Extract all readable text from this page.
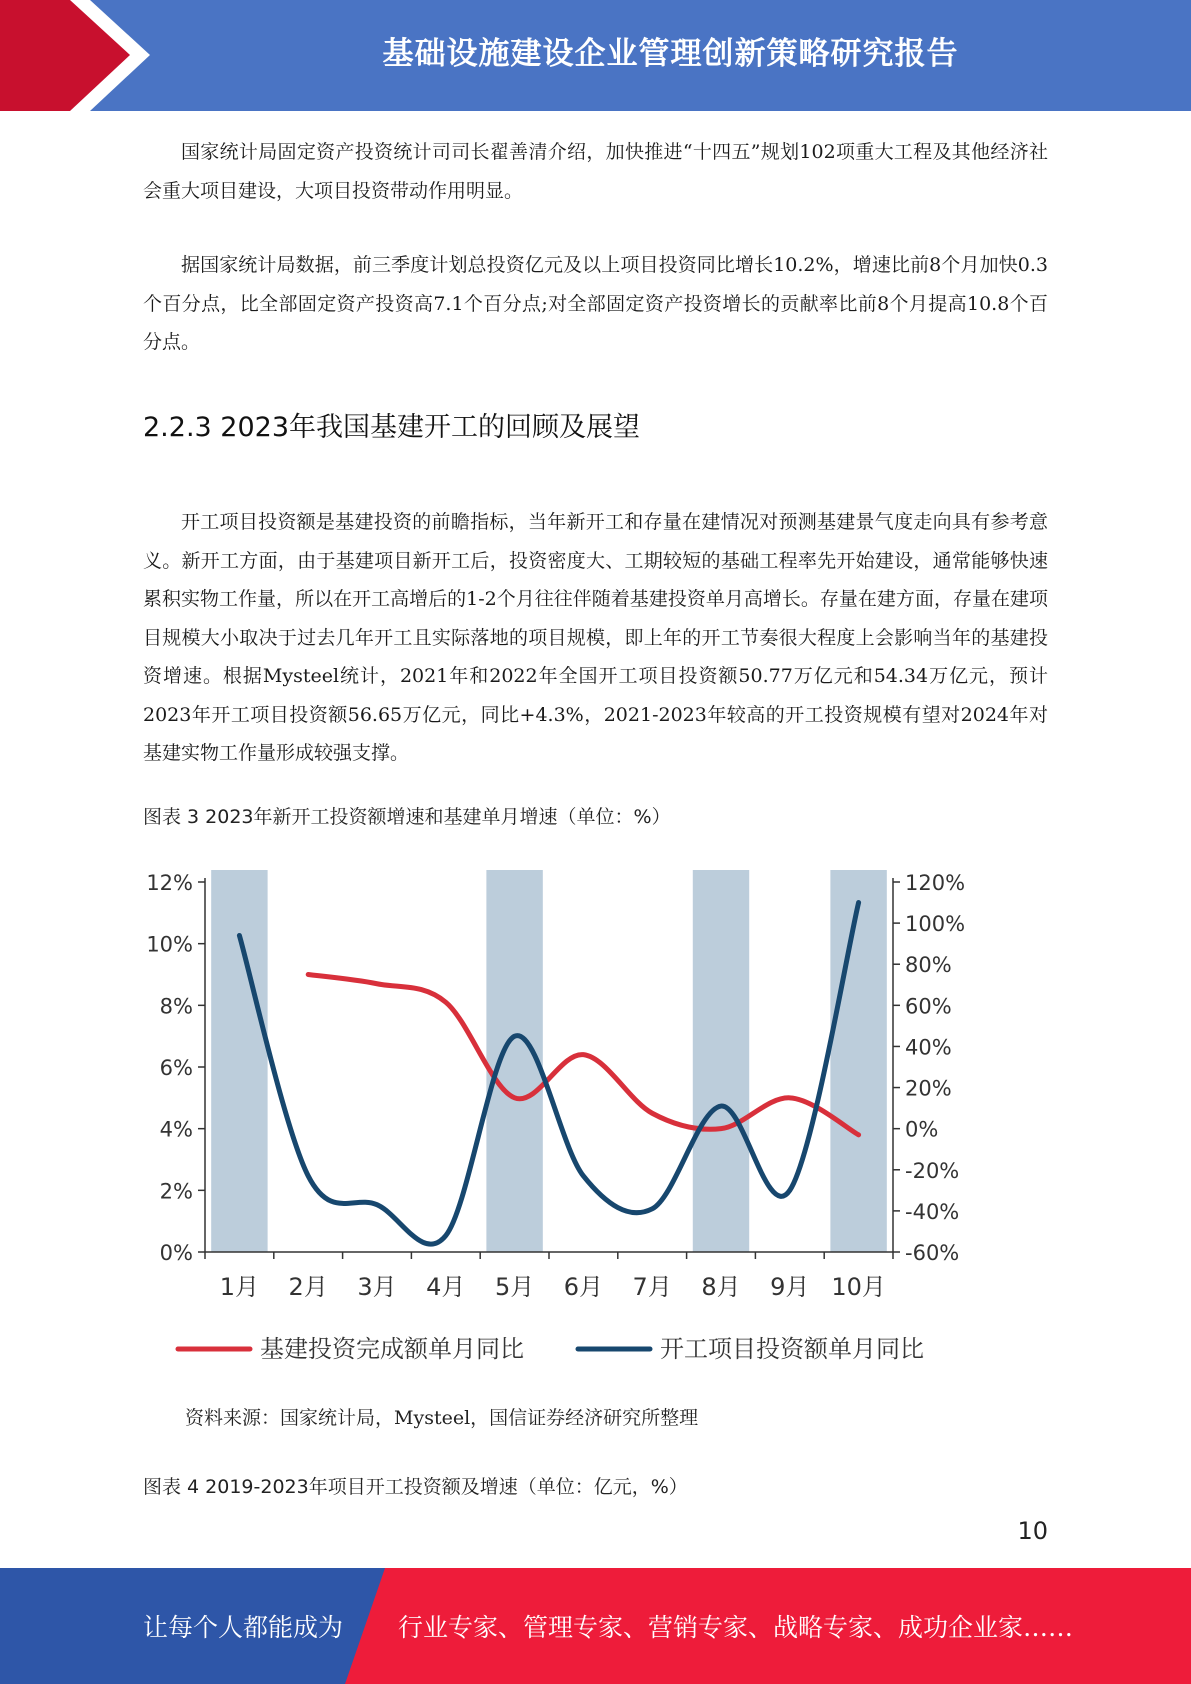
基础设施建设企业管理创新策略研究报告

国家统计局固定资产投资统计司司长翟善清介绍，加快推进“十四五”规划102项重大工程及其他经济社会重大项目建设，大项目投资带动作用明显。

据国家统计局数据，前三季度计划总投资亿元及以上项目投资同比增长10.2%，增速比前8个月加快0.3个百分点，比全部固定资产投资高7.1个百分点;对全部固定资产投资增长的贡献率比前8个月提高10.8个百分点。

2.2.3 2023年我国基建开工的回顾及展望

开工项目投资额是基建投资的前瞻指标，当年新开工和存量在建情况对预测基建景气度走向具有参考意义。新开工方面，由于基建项目新开工后，投资密度大、工期较短的基础工程率先开始建设，通常能够快速累积实物工作量，所以在开工高增后的1-2个月往往伴随着基建投资单月高增长。存量在建方面，存量在建项目规模大小取决于过去几年开工且实际落地的项目规模，即上年的开工节奏很大程度上会影响当年的基建投资增速。根据Mysteel统计，2021年和2022年全国开工项目投资额50.77万亿元和54.34万亿元，预计2023年开工项目投资额56.65万亿元，同比+4.3%，2021-2023年较高的开工投资规模有望对2024年对基建实物工作量形成较强支撑。

图表 3 2023年新开工投资额增速和基建单月增速（单位：%）
0%
2%
4%
6%
8%
10%
12%
-60%
-40%
-20%
0%
20%
40%
60%
80%
100%
120%
1月 2月 3月 4月 5月 6月 7月 8月 9月 10月
基建投资完成额单月同比	开工项目投资额单月同比
资料来源：国家统计局，Mysteel，国信证券经济研究所整理
图表 4 2019-2023年项目开工投资额及增速（单位：亿元，%）
10
让每个人都能成为 行业专家、管理专家、营销专家、战略专家、成功企业家……
